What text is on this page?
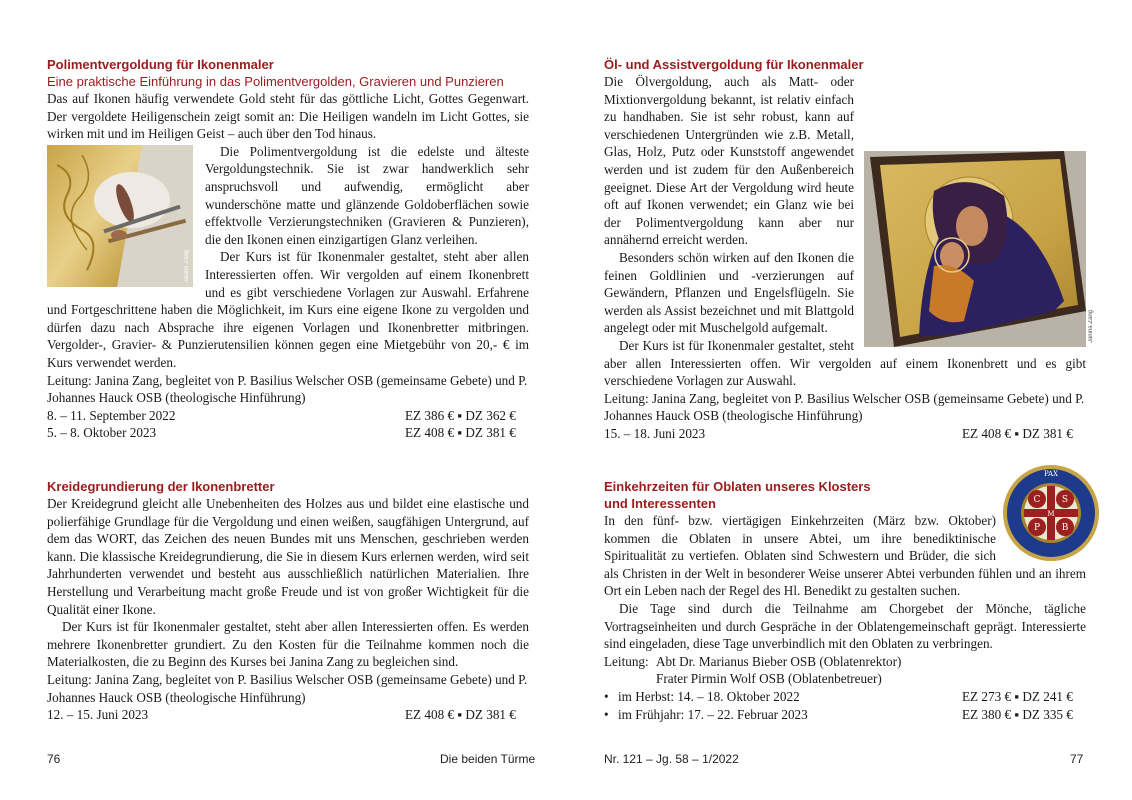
Polimentvergoldung für Ikonenmaler
Eine praktische Einführung in das Polimentvergolden, Gravieren und Punzieren

Das auf Ikonen häufig verwendete Gold steht für das göttliche Licht, Gottes Gegenwart. Der vergoldete Heiligenschein zeigt somit an: Die Heiligen wandeln im Licht Gottes, sie wirken mit und im Heiligen Geist – auch über den Tod hinaus.

Janina Zang

Die Polimentvergoldung ist die edelste und älteste Vergoldungstechnik. Sie ist zwar handwerklich sehr anspruchsvoll und aufwendig, ermöglicht aber wunderschöne matte und glänzende Goldoberflächen sowie effektvolle Verzierungstechniken (Gravieren & Punzieren), die den Ikonen einen einzigartigen Glanz verleihen.

Der Kurs ist für Ikonenmaler gestaltet, steht aber allen Interessierten offen. Wir vergolden auf einem Ikonenbrett und es gibt verschiedene Vorlagen zur Auswahl. Erfahrene und Fortgeschrittene haben die Möglichkeit, im Kurs eine eigene Ikone zu vergolden und dürfen dazu nach Absprache ihre eigenen Vorlagen und Ikonenbretter mitbringen. Vergolder-, Gravier- & Punzierutensilien können gegen eine Mietgebühr von 20,- € im Kurs verwendet werden.

Leitung: Janina Zang, begleitet von P. Basilius Welscher OSB (gemeinsame Gebete) und P. Johannes Hauck OSB (theologische Hinführung)

8. – 11. September 2022	EZ 386 € ▪ DZ 362 €
5. – 8. Oktober 2023	EZ 408 € ▪ DZ 381 €
Kreidegrundierung der Ikonenbretter

Der Kreidegrund gleicht alle Unebenheiten des Holzes aus und bildet eine elastische und polierfähige Grundlage für die Vergoldung und einen weißen, saugfähigen Untergrund, auf dem das WORT, das Zeichen des neuen Bundes mit uns Menschen, geschrieben werden kann. Die klassische Kreidegrundierung, die Sie in diesem Kurs erlernen werden, wird seit Jahrhunderten verwendet und besteht aus ausschließlich natürlichen Materialien. Ihre Herstellung und Verarbeitung macht große Freude und ist von großer Wichtigkeit für die Qualität einer Ikone.

Der Kurs ist für Ikonenmaler gestaltet, steht aber allen Interessierten offen. Es werden mehrere Ikonenbretter grundiert. Zu den Kosten für die Teilnahme kommen noch die Materialkosten, die zu Beginn des Kurses bei Janina Zang zu begleichen sind.

Leitung: Janina Zang, begleitet von P. Basilius Welscher OSB (gemeinsame Gebete) und P. Johannes Hauck OSB (theologische Hinführung)

12. – 15. Juni 2023	EZ 408 € ▪ DZ 381 €
Öl- und Assistvergoldung für Ikonenmaler
Janina Zang

Die Ölvergoldung, auch als Matt- oder Mixtionvergoldung bekannt, ist relativ einfach zu handhaben. Sie ist sehr robust, kann auf verschiedenen Untergründen wie z.B. Metall, Glas, Holz, Putz oder Kunststoff angewendet werden und ist zudem für den Außenbereich geeignet. Diese Art der Vergoldung wird heute oft auf Ikonen verwendet; ein Glanz wie bei der Polimentvergoldung kann aber nur annähernd erreicht werden.

Besonders schön wirken auf den Ikonen die feinen Goldlinien und -verzierungen auf Gewändern, Pflanzen und Engelsflügeln. Sie werden als Assist bezeichnet und mit Blattgold angelegt oder mit Muschelgold aufgemalt.

Der Kurs ist für Ikonenmaler gestaltet, steht aber allen Interessierten offen. Wir vergolden auf einem Ikonenbrett und es gibt verschiedene Vorlagen zur Auswahl.

Leitung: Janina Zang, begleitet von P. Basilius Welscher OSB (gemeinsame Gebete) und P. Johannes Hauck OSB (theologische Hinführung)

15. – 18. Juni 2023	EZ 408 € ▪ DZ 381 €
PAX
C S
P B
M
Einkehrzeiten für Oblaten unseres Klosters
und Interessenten

In den fünf- bzw. viertägigen Einkehrzeiten (März bzw. Oktober) kommen die Oblaten in unsere Abtei, um ihre benediktinische Spiritualität zu vertiefen. Oblaten sind Schwestern und Brüder, die sich als Christen in der Welt in besonderer Weise unserer Abtei verbunden fühlen und an ihrem Ort ein Leben nach der Regel des Hl. Benedikt zu gestalten suchen.

Die Tage sind durch die Teilnahme am Chorgebet der Mönche, tägliche Vortragseinheiten und durch Gespräche in der Oblatengemeinschaft geprägt. Interessierte sind eingeladen, diese Tage unverbindlich mit den Oblaten zu verbringen.

Leitung: Abt Dr. Marianus Bieber OSB (Oblatenrektor)
Frater Pirmin Wolf OSB (Oblatenbetreuer)
• im Herbst: 14. – 18. Oktober 2022	EZ 273 € ▪ DZ 241 €
• im Frühjahr: 17. – 22. Februar 2023	EZ 380 € ▪ DZ 335 €
76	Die beiden Türme	Nr. 121 – Jg. 58 – 1/2022	77
